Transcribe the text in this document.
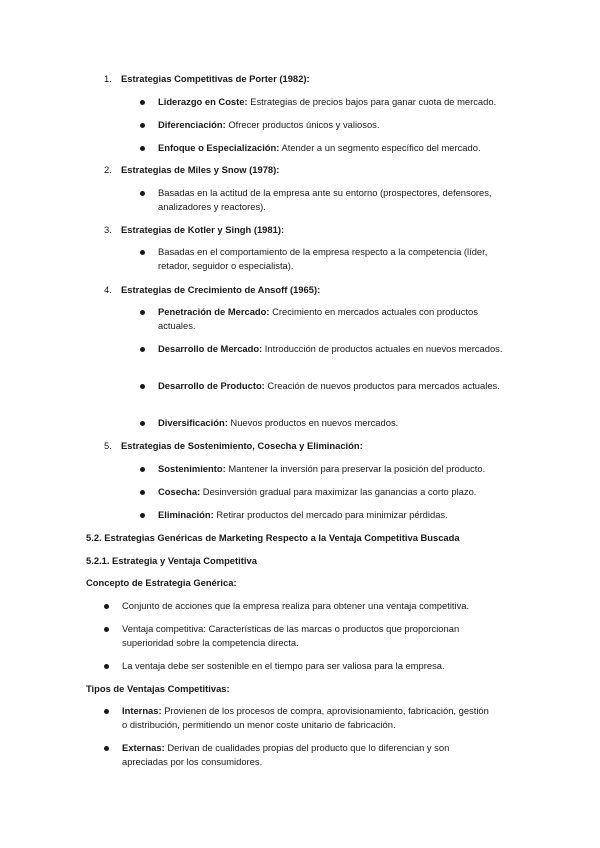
1. Estrategias Competitivas de Porter (1982):
Liderazgo en Coste: Estrategias de precios bajos para ganar cuota de mercado.
Diferenciación: Ofrecer productos únicos y valiosos.
Enfoque o Especialización: Atender a un segmento específico del mercado.
2. Estrategias de Miles y Snow (1978):
Basadas en la actitud de la empresa ante su entorno (prospectores, defensores, analizadores y reactores).
3. Estrategias de Kotler y Singh (1981):
Basadas en el comportamiento de la empresa respecto a la competencia (líder, retador, seguidor o especialista).
4. Estrategias de Crecimiento de Ansoff (1965):
Penetración de Mercado: Crecimiento en mercados actuales con productos actuales.
Desarrollo de Mercado: Introducción de productos actuales en nuevos mercados.
Desarrollo de Producto: Creación de nuevos productos para mercados actuales.
Diversificación: Nuevos productos en nuevos mercados.
5. Estrategias de Sostenimiento, Cosecha y Eliminación:
Sostenimiento: Mantener la inversión para preservar la posición del producto.
Cosecha: Desinversión gradual para maximizar las ganancias a corto plazo.
Eliminación: Retirar productos del mercado para minimizar pérdidas.
5.2. Estrategias Genéricas de Marketing Respecto a la Ventaja Competitiva Buscada
5.2.1. Estrategia y Ventaja Competitiva
Concepto de Estrategia Genérica:
Conjunto de acciones que la empresa realiza para obtener una ventaja competitiva.
Ventaja competitiva: Características de las marcas o productos que proporcionan superioridad sobre la competencia directa.
La ventaja debe ser sostenible en el tiempo para ser valiosa para la empresa.
Tipos de Ventajas Competitivas:
Internas: Provienen de los procesos de compra, aprovisionamiento, fabricación, gestión o distribución, permitiendo un menor coste unitario de fabricación.
Externas: Derivan de cualidades propias del producto que lo diferencian y son apreciadas por los consumidores.
